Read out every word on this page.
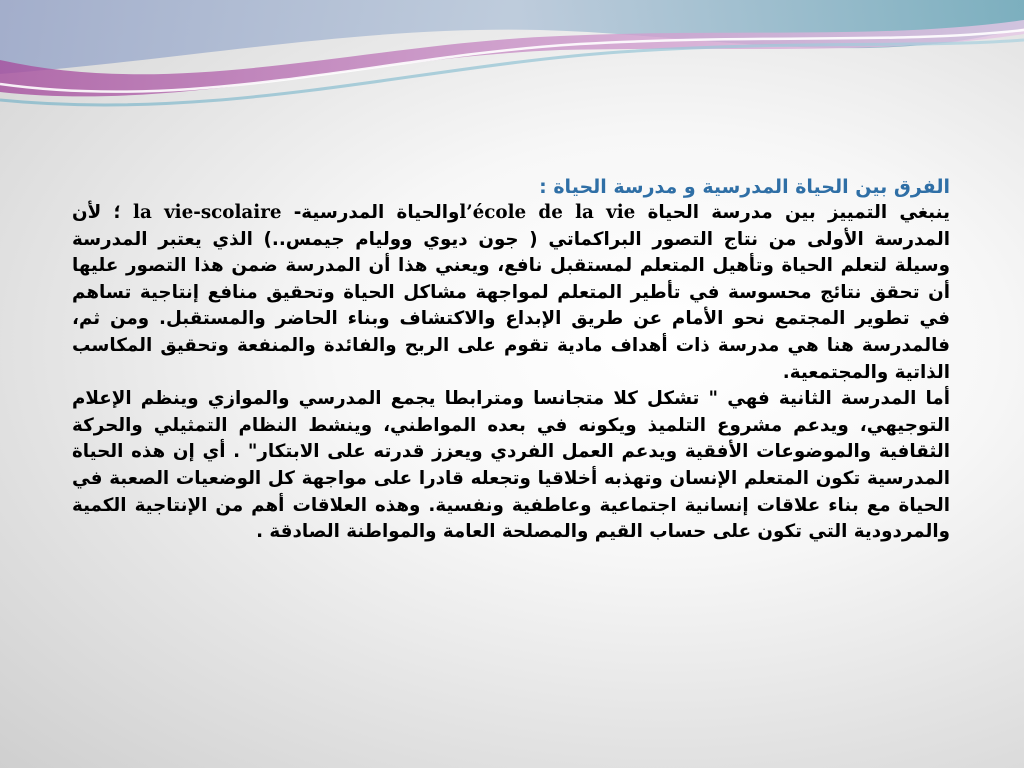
الفرق بين الحياة المدرسية و مدرسة الحياة :

ينبغي التمييز بين مدرسة الحياة l’école de la vieوالحياة المدرسية- la vie-scolaire ؛ لأن المدرسة الأولى من نتاج التصور البراكماتي ( جون ديوي ووليام جيمس..) الذي يعتبر المدرسة وسيلة لتعلم الحياة وتأهيل المتعلم لمستقبل نافع، ويعني هذا أن المدرسة ضمن هذا التصور عليها أن تحقق نتائج محسوسة في تأطير المتعلم لمواجهة مشاكل الحياة وتحقيق منافع إنتاجية تساهم في تطوير المجتمع نحو الأمام عن طريق الإبداع والاكتشاف وبناء الحاضر والمستقبل. ومن ثم، فالمدرسة هنا هي مدرسة ذات أهداف مادية تقوم على الربح والفائدة والمنفعة وتحقيق المكاسب الذاتية والمجتمعية.

أما المدرسة الثانية فهي " تشكل كلا متجانسا ومترابطا يجمع المدرسي والموازي وينظم الإعلام التوجيهي، ويدعم مشروع التلميذ ويكونه في بعده المواطني، وينشط النظام التمثيلي والحركة الثقافية والموضوعات الأفقية ويدعم العمل الفردي ويعزز قدرته على الابتكار" . أي إن هذه الحياة المدرسية تكون المتعلم الإنسان وتهذبه أخلاقيا وتجعله قادرا على مواجهة كل الوضعيات الصعبة في الحياة مع بناء علاقات إنسانية اجتماعية وعاطفية ونفسية. وهذه العلاقات أهم من الإنتاجية الكمية والمردودية التي تكون على حساب القيم والمصلحة العامة والمواطنة الصادقة .
